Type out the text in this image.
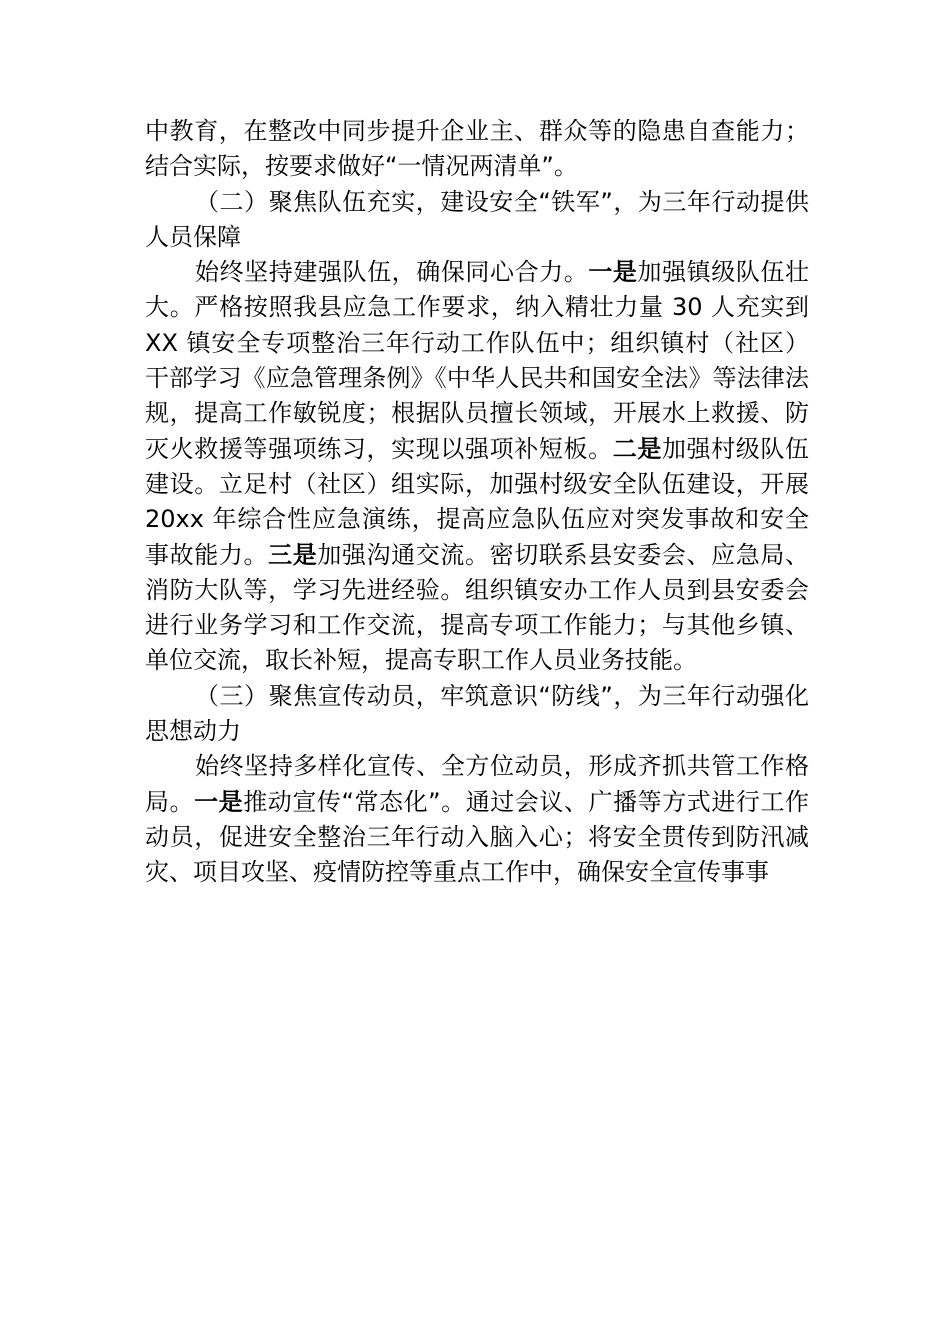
中教育，在整改中同步提升企业主、群众等的隐患自查能力；结合实际，按要求做好“一情况两清单”。

（二）聚焦队伍充实，建设安全“铁军”，为三年行动提供人员保障

始终坚持建强队伍，确保同心合力。一是加强镇级队伍壮大。严格按照我县应急工作要求，纳入精壮力量 30 人充实到 XX 镇安全专项整治三年行动工作队伍中；组织镇村（社区）干部学习《应急管理条例》《中华人民共和国安全法》等法律法规，提高工作敏锐度；根据队员擅长领域，开展水上救援、防灭火救援等强项练习，实现以强项补短板。二是加强村级队伍建设。立足村（社区）组实际，加强村级安全队伍建设，开展 20xx 年综合性应急演练，提高应急队伍应对突发事故和安全事故能力。三是加强沟通交流。密切联系县安委会、应急局、消防大队等，学习先进经验。组织镇安办工作人员到县安委会进行业务学习和工作交流，提高专项工作能力；与其他乡镇、单位交流，取长补短，提高专职工作人员业务技能。

（三）聚焦宣传动员，牢筑意识“防线”，为三年行动强化思想动力

始终坚持多样化宣传、全方位动员，形成齐抓共管工作格局。一是推动宣传“常态化”。通过会议、广播等方式进行工作动员，促进安全整治三年行动入脑入心；将安全贯传到防汛减灾、项目攻坚、疫情防控等重点工作中，确保安全宣传事事
